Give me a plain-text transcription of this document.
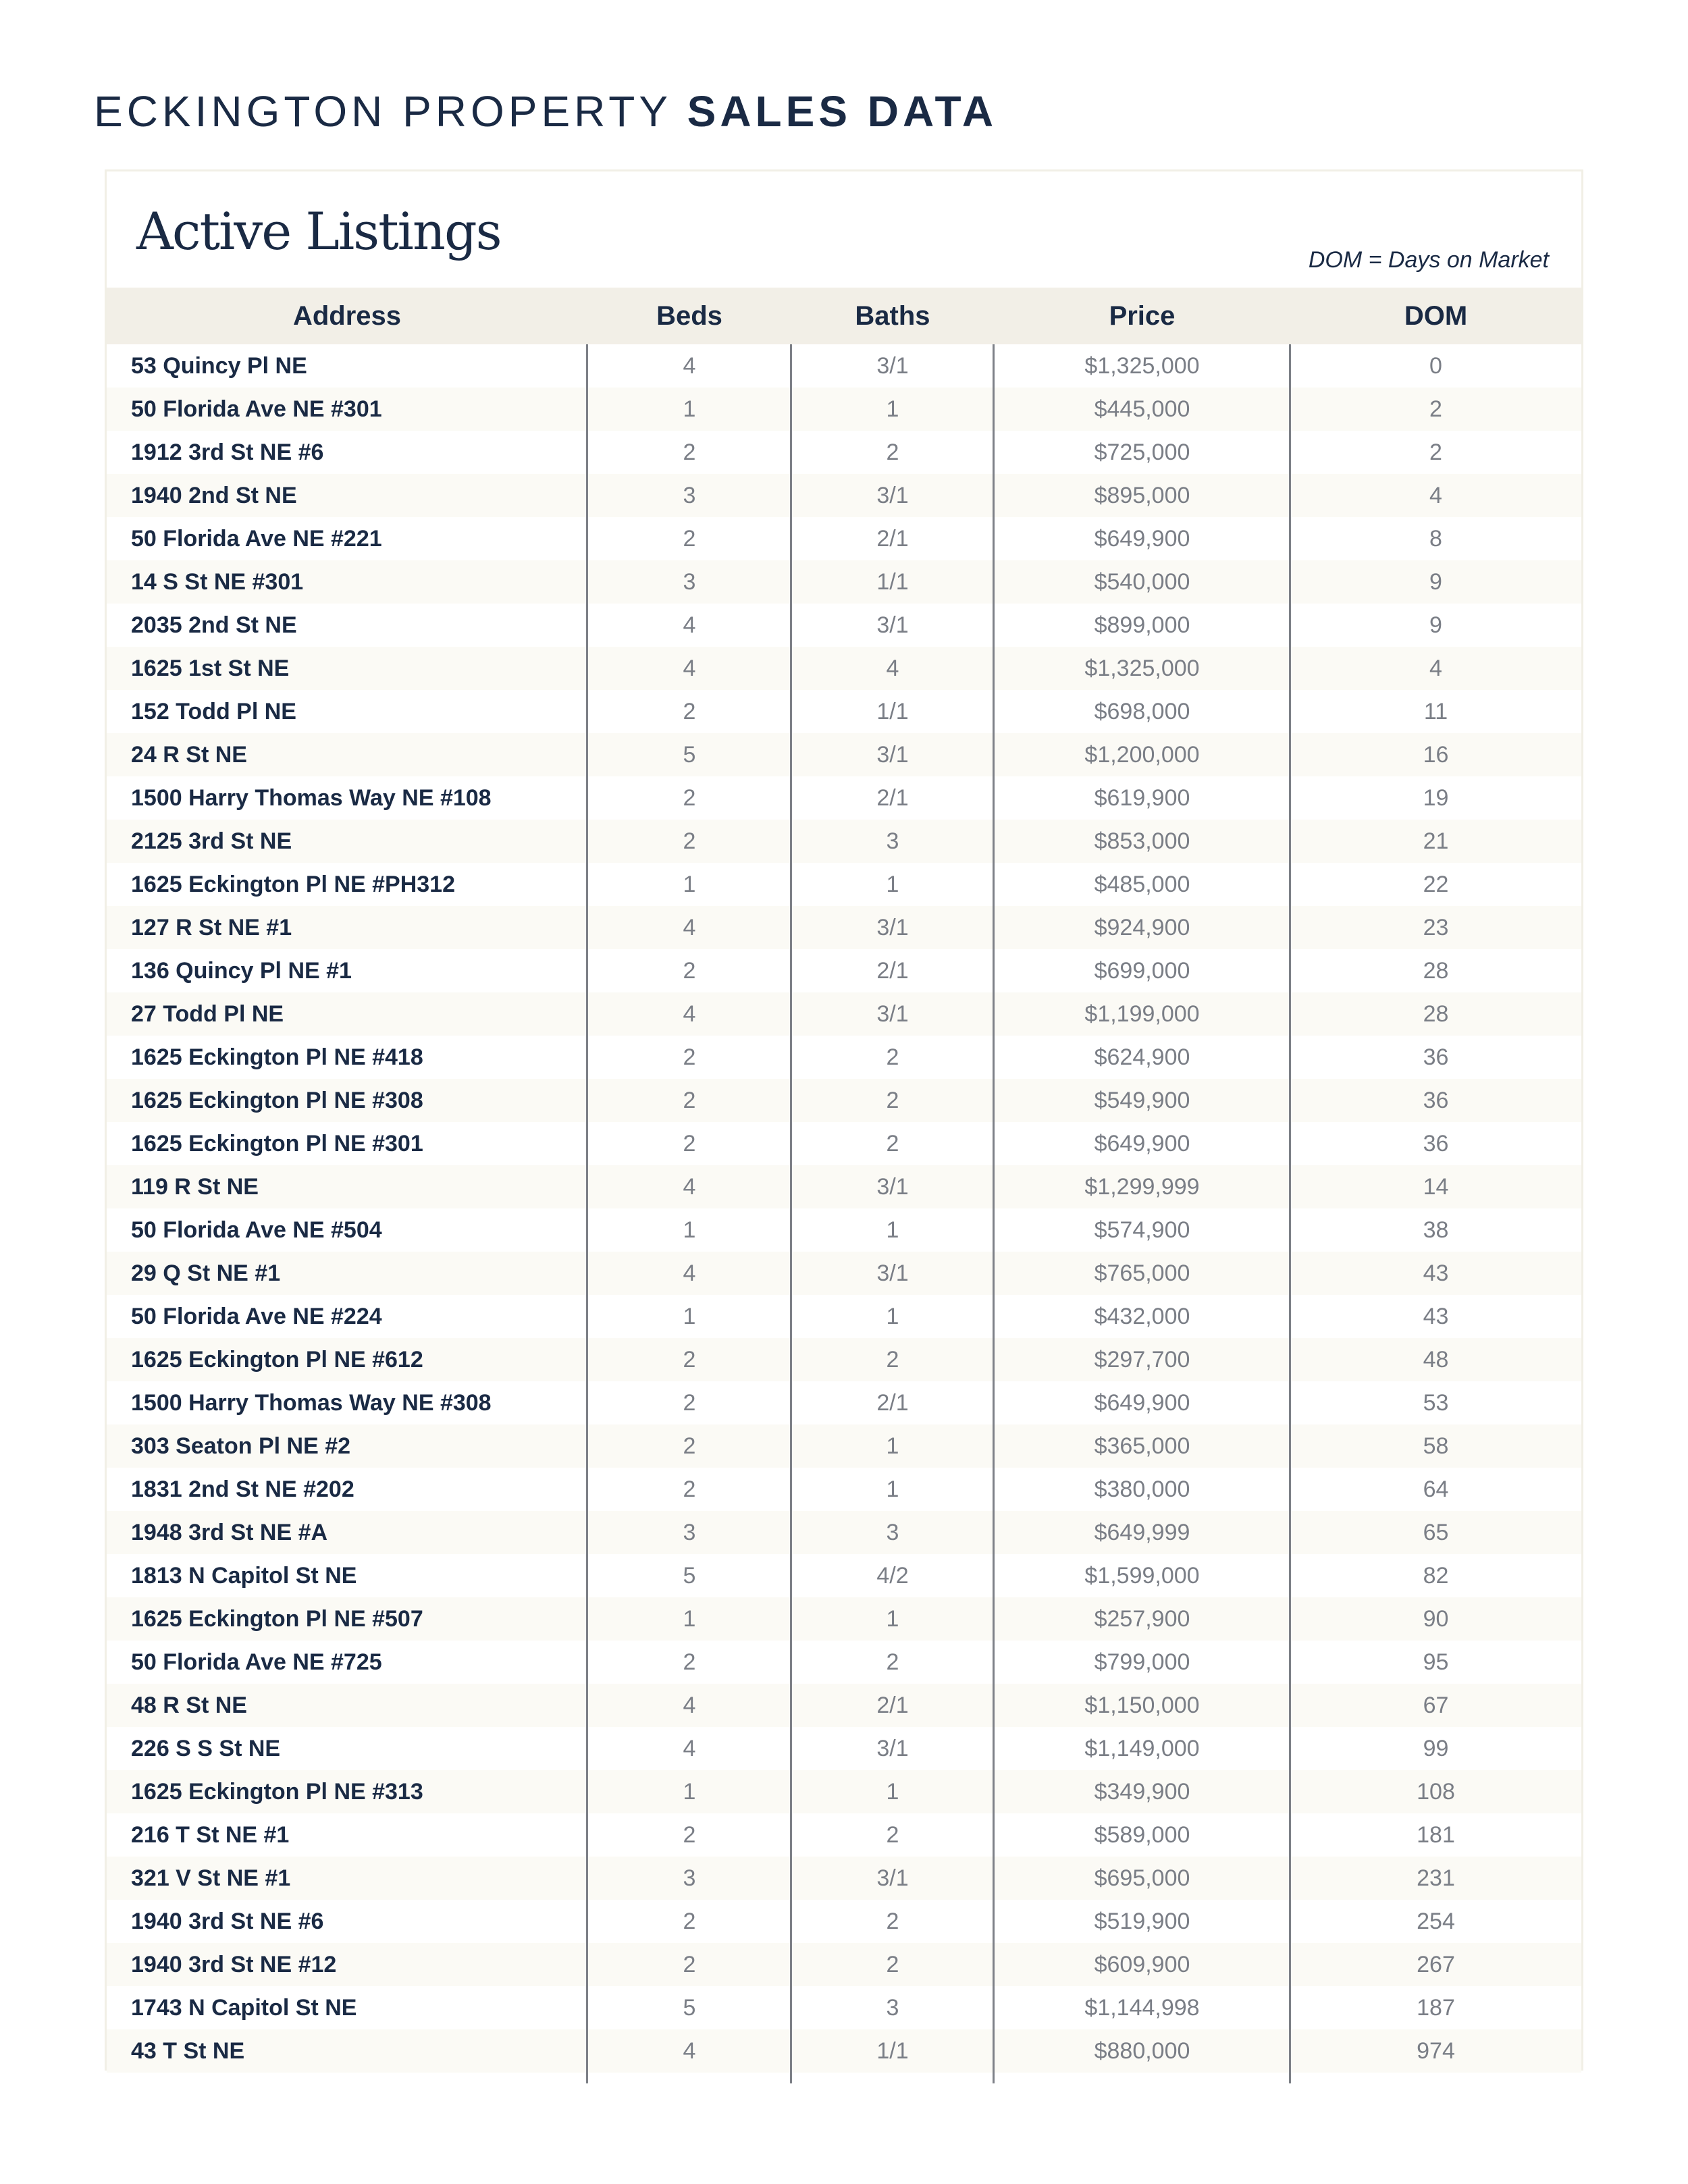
ECKINGTON PROPERTY SALES DATA
Active Listings	DOM = Days on Market
Address	Beds	Baths	Price	DOM
53 Quincy Pl NE	4	3/1	$1,325,000	0
50 Florida Ave NE #301	1	1	$445,000	2
1912 3rd St NE #6	2	2	$725,000	2
1940 2nd St NE	3	3/1	$895,000	4
50 Florida Ave NE #221	2	2/1	$649,900	8
14 S St NE #301	3	1/1	$540,000	9
2035 2nd St NE	4	3/1	$899,000	9
1625 1st St NE	4	4	$1,325,000	4
152 Todd Pl NE	2	1/1	$698,000	11
24 R St NE	5	3/1	$1,200,000	16
1500 Harry Thomas Way NE #108	2	2/1	$619,900	19
2125 3rd St NE	2	3	$853,000	21
1625 Eckington Pl NE #PH312	1	1	$485,000	22
127 R St NE #1	4	3/1	$924,900	23
136 Quincy Pl NE #1	2	2/1	$699,000	28
27 Todd Pl NE	4	3/1	$1,199,000	28
1625 Eckington Pl NE #418	2	2	$624,900	36
1625 Eckington Pl NE #308	2	2	$549,900	36
1625 Eckington Pl NE #301	2	2	$649,900	36
119 R St NE	4	3/1	$1,299,999	14
50 Florida Ave NE #504	1	1	$574,900	38
29 Q St NE #1	4	3/1	$765,000	43
50 Florida Ave NE #224	1	1	$432,000	43
1625 Eckington Pl NE #612	2	2	$297,700	48
1500 Harry Thomas Way NE #308	2	2/1	$649,900	53
303 Seaton Pl NE #2	2	1	$365,000	58
1831 2nd St NE #202	2	1	$380,000	64
1948 3rd St NE #A	3	3	$649,999	65
1813 N Capitol St NE	5	4/2	$1,599,000	82
1625 Eckington Pl NE #507	1	1	$257,900	90
50 Florida Ave NE #725	2	2	$799,000	95
48 R St NE	4	2/1	$1,150,000	67
226 S S St NE	4	3/1	$1,149,000	99
1625 Eckington Pl NE #313	1	1	$349,900	108
216 T St NE #1	2	2	$589,000	181
321 V St NE #1	3	3/1	$695,000	231
1940 3rd St NE #6	2	2	$519,900	254
1940 3rd St NE #12	2	2	$609,900	267
1743 N Capitol St NE	5	3	$1,144,998	187
43 T St NE	4	1/1	$880,000	974
